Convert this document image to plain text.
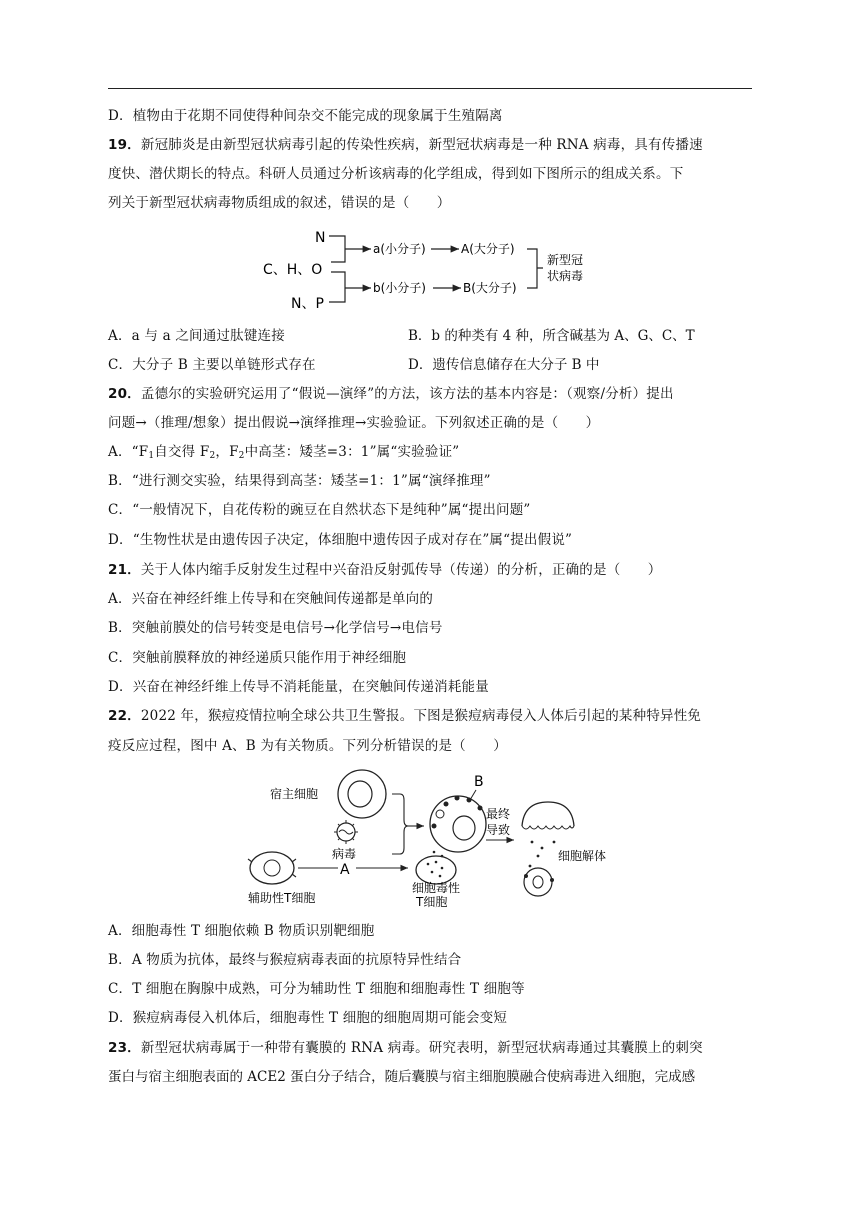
D．植物由于花期不同使得种间杂交不能完成的现象属于生殖隔离
19．新冠肺炎是由新型冠状病毒引起的传染性疾病，新型冠状病毒是一种 RNA 病毒，具有传播速
度快、潜伏期长的特点。科研人员通过分析该病毒的化学组成，得到如下图所示的组成关系。下
列关于新型冠状病毒物质组成的叙述，错误的是（　　）
N
C、H、O
N、P
a(小分子)	A(大分子)
b(小分子)	B(大分子)
新型冠
状病毒
A．a 与 a 之间通过肽键连接	B．b 的种类有 4 种，所含碱基为 A、G、C、T
C．大分子 B 主要以单链形式存在	D．遗传信息储存在大分子 B 中
20．孟德尔的实验研究运用了“假说—演绎”的方法，该方法的基本内容是：（观察/分析）提出
问题→（推理/想象）提出假说→演绎推理→实验验证。下列叙述正确的是（　　）
A．“$F_1$自交得 $F_2$，$F_2$中高茎：矮茎=3：1”属“实验验证”
B．“进行测交实验，结果得到高茎：矮茎=1：1”属“演绎推理”
C．“一般情况下，自花传粉的豌豆在自然状态下是纯种”属“提出问题”
D．“生物性状是由遗传因子决定，体细胞中遗传因子成对存在”属“提出假说”
21．关于人体内缩手反射发生过程中兴奋沿反射弧传导（传递）的分析，正确的是（　　）
A．兴奋在神经纤维上传导和在突触间传递都是单向的
B．突触前膜处的信号转变是电信号→化学信号→电信号
C．突触前膜释放的神经递质只能作用于神经细胞
D．兴奋在神经纤维上传导不消耗能量，在突触间传递消耗能量
22．2022 年，猴痘疫情拉响全球公共卫生警报。下图是猴痘病毒侵入人体后引起的某种特异性免
疫反应过程，图中 A、B 为有关物质。下列分析错误的是（　　）
宿主细胞
病毒
B
最终
导致
细胞解体
辅助性T细胞
A
细胞毒性
T细胞
A．细胞毒性 T 细胞依赖 B 物质识别靶细胞
B．A 物质为抗体，最终与猴痘病毒表面的抗原特异性结合
C．T 细胞在胸腺中成熟，可分为辅助性 T 细胞和细胞毒性 T 细胞等
D．猴痘病毒侵入机体后，细胞毒性 T 细胞的细胞周期可能会变短
23．新型冠状病毒属于一种带有囊膜的 RNA 病毒。研究表明，新型冠状病毒通过其囊膜上的刺突
蛋白与宿主细胞表面的 ACE2 蛋白分子结合，随后囊膜与宿主细胞膜融合使病毒进入细胞，完成感
